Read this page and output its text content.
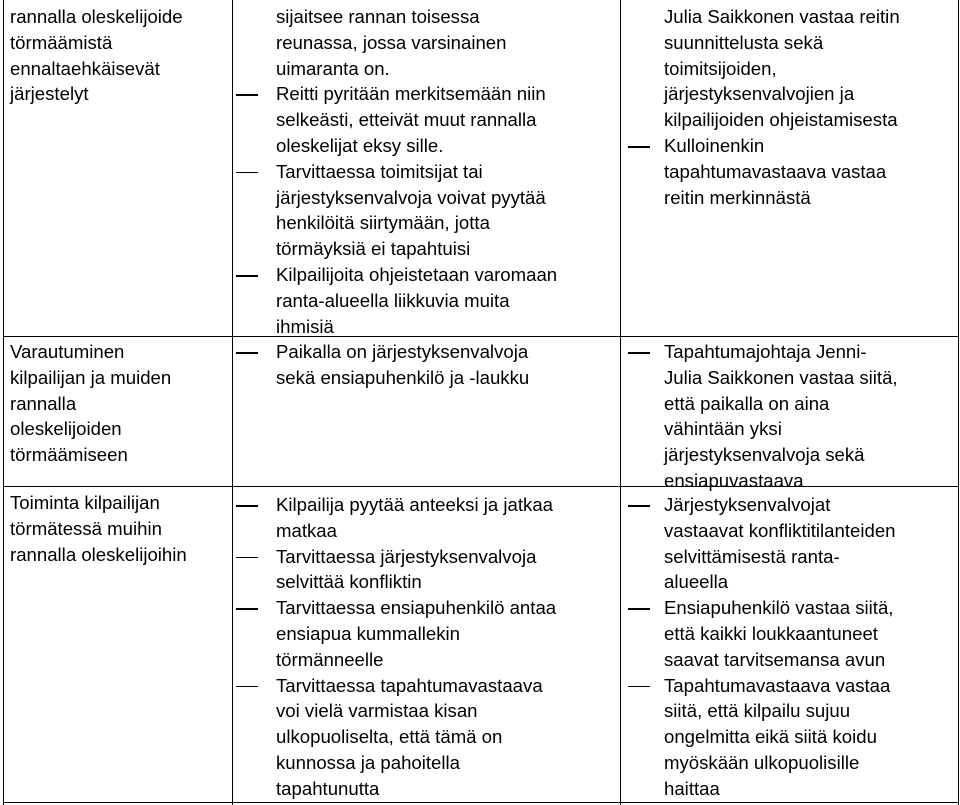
rannalla oleskelijoide
törmäämistä
ennaltaehkäisevät
järjestelyt
sijaitsee rannan toisessa
reunassa, jossa varsinainen
uimaranta on.
Reitti pyritään merkitsemään niin
selkeästi, etteivät muut rannalla
oleskelijat eksy sille.
Tarvittaessa toimitsijat tai
järjestyksenvalvoja voivat pyytää
henkilöitä siirtymään, jotta
törmäyksiä ei tapahtuisi
Kilpailijoita ohjeistetaan varomaan
ranta-alueella liikkuvia muita
ihmisiä
Julia Saikkonen vastaa reitin
suunnittelusta sekä
toimitsijoiden,
järjestyksenvalvojien ja
kilpailijoiden ohjeistamisesta
Kulloinenkin
tapahtumavastaava vastaa
reitin merkinnästä
Varautuminen
kilpailijan ja muiden
rannalla
oleskelijoiden
törmäämiseen
Paikalla on järjestyksenvalvoja
sekä ensiapuhenkilö ja -laukku
Tapahtumajohtaja Jenni-
Julia Saikkonen vastaa siitä,
että paikalla on aina
vähintään yksi
järjestyksenvalvoja sekä
ensiapuvastaava
Toiminta kilpailijan
törmätessä muihin
rannalla oleskelijoihin
Kilpailija pyytää anteeksi ja jatkaa
matkaa
Tarvittaessa järjestyksenvalvoja
selvittää konfliktin
Tarvittaessa ensiapuhenkilö antaa
ensiapua kummallekin
törmänneelle
Tarvittaessa tapahtumavastaava
voi vielä varmistaa kisan
ulkopuoliselta, että tämä on
kunnossa ja pahoitella
tapahtunutta
Järjestyksenvalvojat
vastaavat konfliktitilanteiden
selvittämisestä ranta-
alueella
Ensiapuhenkilö vastaa siitä,
että kaikki loukkaantuneet
saavat tarvitsemansa avun
Tapahtumavastaava vastaa
siitä, että kilpailu sujuu
ongelmitta eikä siitä koidu
myöskään ulkopuolisille
haittaa
